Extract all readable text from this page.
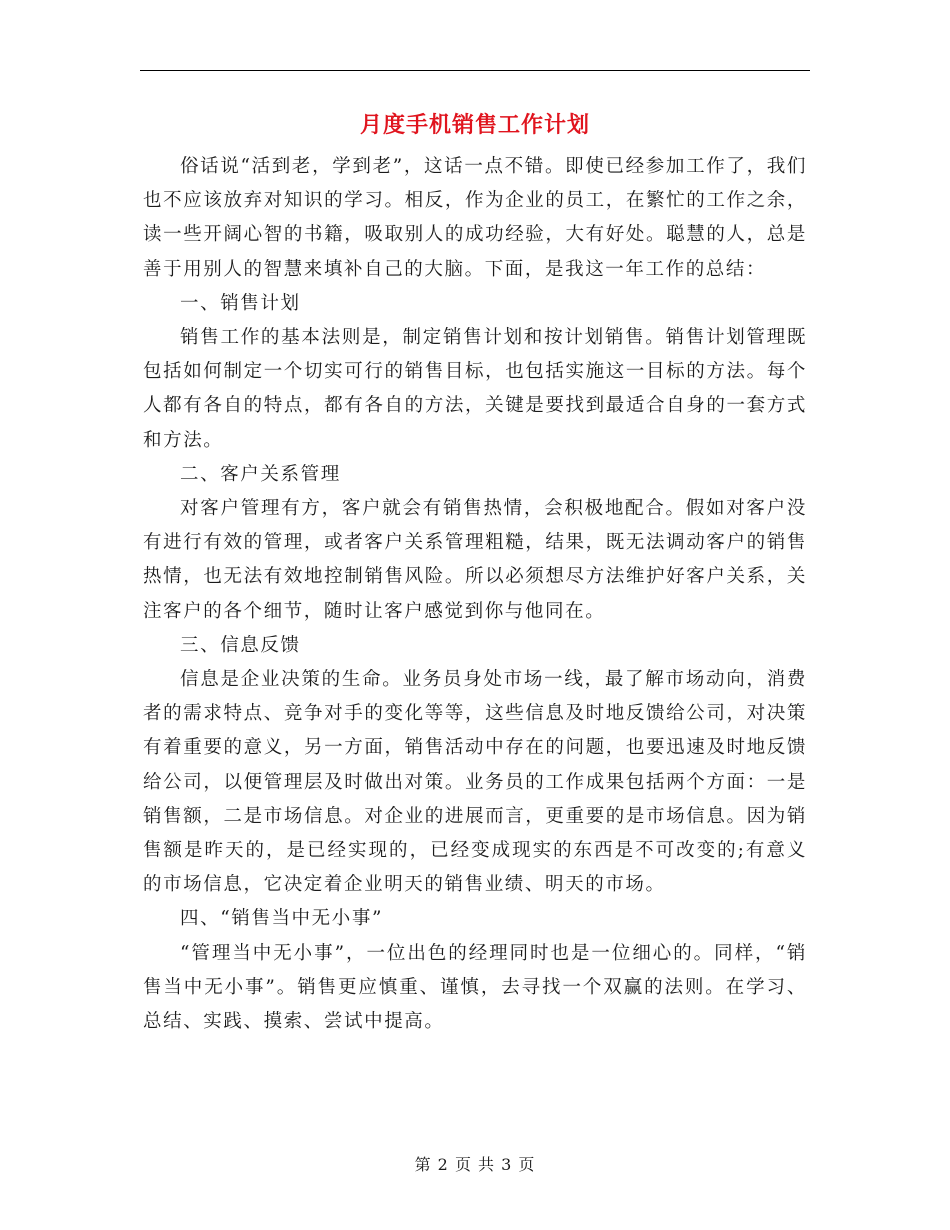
月度手机销售工作计划

俗话说“活到老，学到老”，这话一点不错。即使已经参加工作了，我们也不应该放弃对知识的学习。相反，作为企业的员工，在繁忙的工作之余，读一些开阔心智的书籍，吸取别人的成功经验，大有好处。聪慧的人，总是善于用别人的智慧来填补自己的大脑。下面，是我这一年工作的总结：

一、销售计划

销售工作的基本法则是，制定销售计划和按计划销售。销售计划管理既包括如何制定一个切实可行的销售目标，也包括实施这一目标的方法。每个人都有各自的特点，都有各自的方法，关键是要找到最适合自身的一套方式和方法。

二、客户关系管理

对客户管理有方，客户就会有销售热情，会积极地配合。假如对客户没有进行有效的管理，或者客户关系管理粗糙，结果，既无法调动客户的销售热情，也无法有效地控制销售风险。所以必须想尽方法维护好客户关系，关注客户的各个细节，随时让客户感觉到你与他同在。

三、信息反馈

信息是企业决策的生命。业务员身处市场一线，最了解市场动向，消费者的需求特点、竞争对手的变化等等，这些信息及时地反馈给公司，对决策有着重要的意义，另一方面，销售活动中存在的问题，也要迅速及时地反馈给公司，以便管理层及时做出对策。业务员的工作成果包括两个方面：一是销售额，二是市场信息。对企业的进展而言，更重要的是市场信息。因为销售额是昨天的，是已经实现的，已经变成现实的东西是不可改变的;有意义的市场信息，它决定着企业明天的销售业绩、明天的市场。

四、“销售当中无小事”

“管理当中无小事”，一位出色的经理同时也是一位细心的。同样，“销售当中无小事”。销售更应慎重、谨慎，去寻找一个双赢的法则。在学习、总结、实践、摸索、尝试中提高。

第 2 页 共 3 页
